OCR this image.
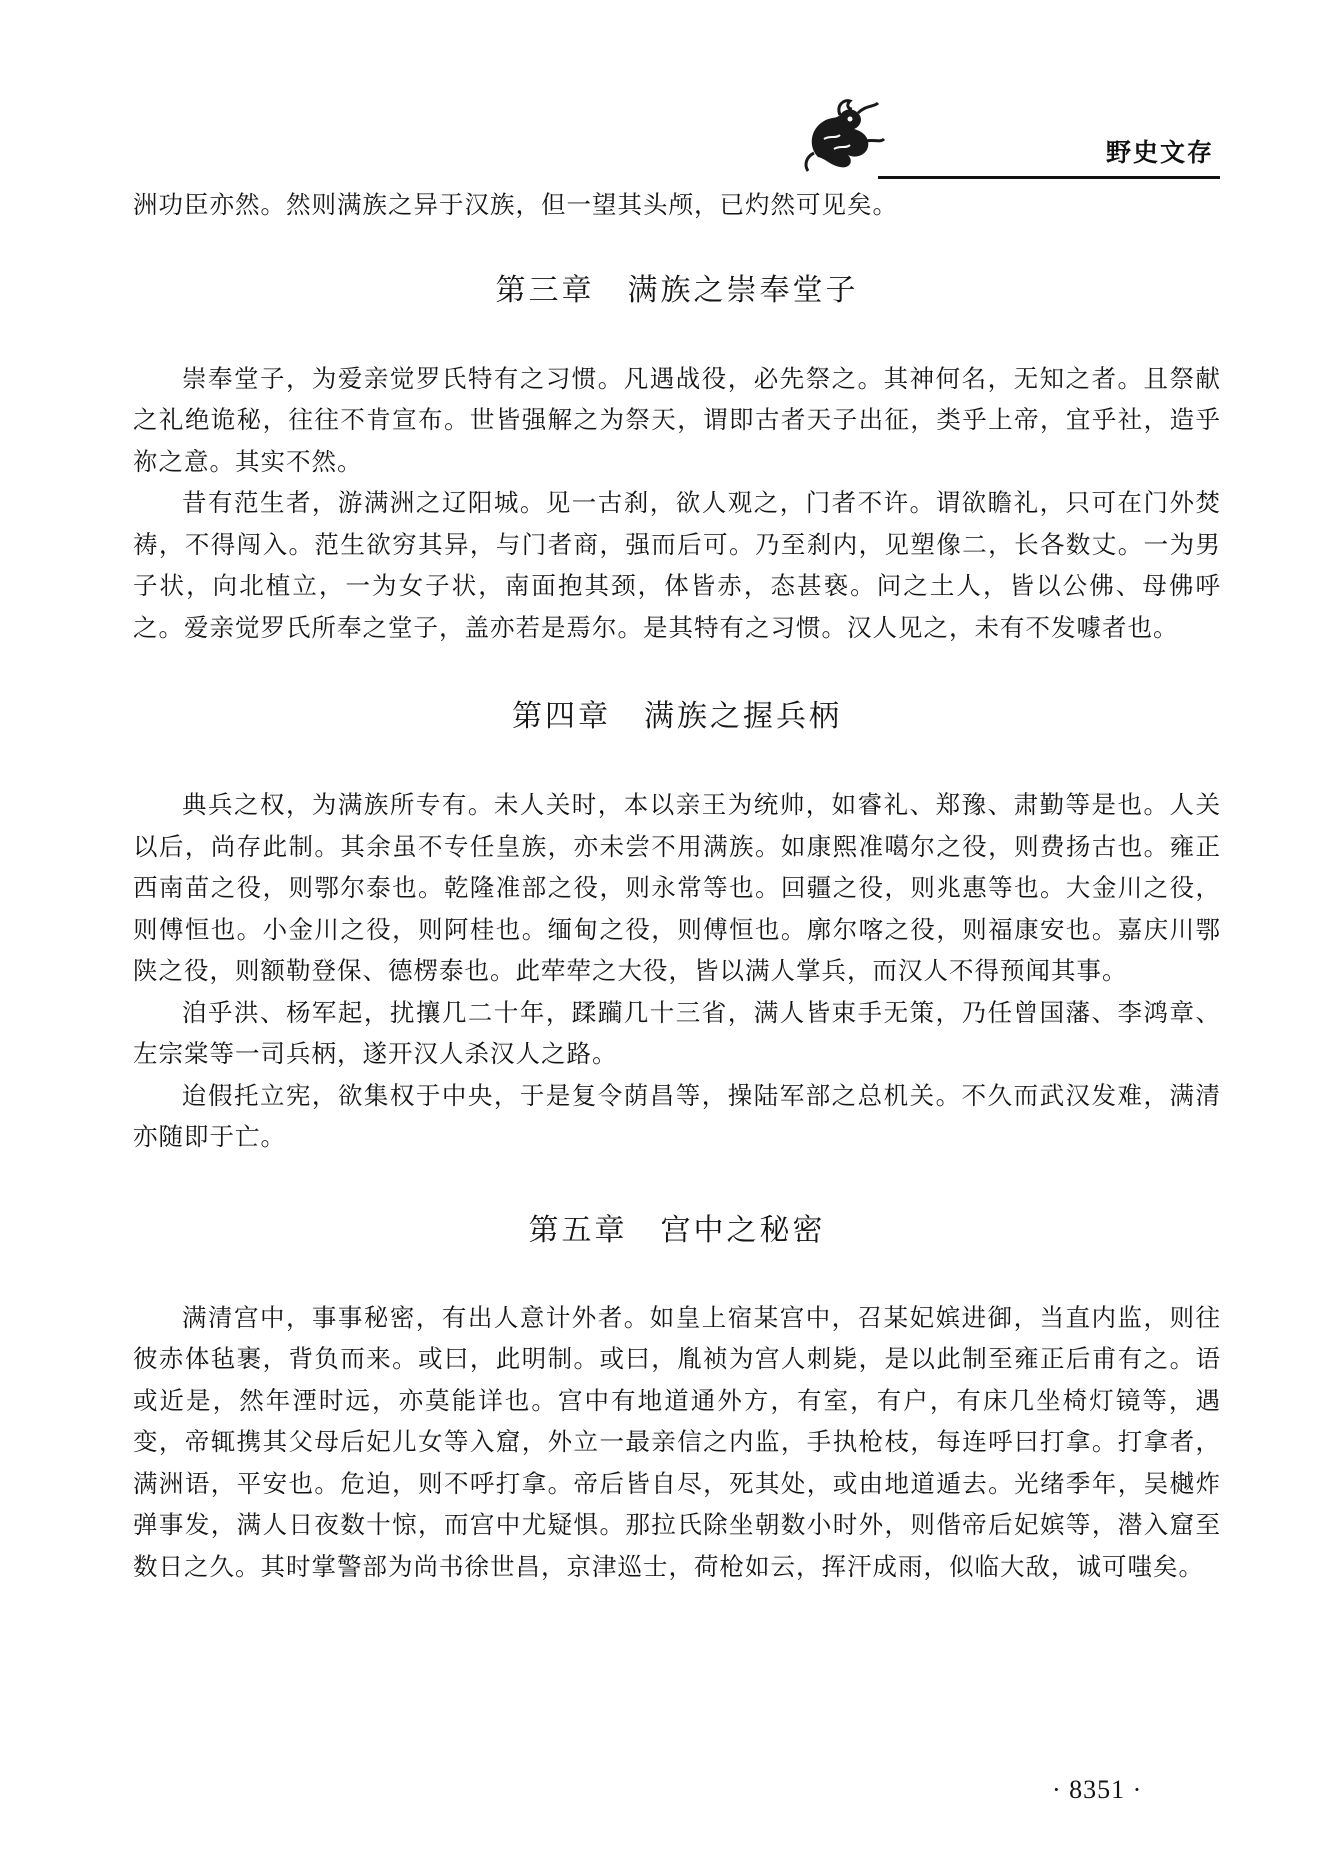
野史文存

洲功臣亦然。然则满族之异于汉族，但一望其头颅，已灼然可见矣。

第三章　满族之崇奉堂子

崇奉堂子，为爱亲觉罗氏特有之习惯。凡遇战役，必先祭之。其神何名，无知之者。且祭献之礼绝诡秘，往往不肯宣布。世皆强解之为祭天，谓即古者天子出征，类乎上帝，宜乎社，造乎祢之意。其实不然。

昔有范生者，游满洲之辽阳城。见一古刹，欲人观之，门者不许。谓欲瞻礼，只可在门外焚祷，不得闯入。范生欲穷其异，与门者商，强而后可。乃至刹内，见塑像二，长各数丈。一为男子状，向北植立，一为女子状，南面抱其颈，体皆赤，态甚亵。问之土人，皆以公佛、母佛呼之。爱亲觉罗氏所奉之堂子，盖亦若是焉尔。是其特有之习惯。汉人见之，未有不发噱者也。

第四章　满族之握兵柄

典兵之权，为满族所专有。未人关时，本以亲王为统帅，如睿礼、郑豫、肃勤等是也。人关以后，尚存此制。其余虽不专任皇族，亦未尝不用满族。如康熙准噶尔之役，则费扬古也。雍正西南苗之役，则鄂尔泰也。乾隆准部之役，则永常等也。回疆之役，则兆惠等也。大金川之役，则傅恒也。小金川之役，则阿桂也。缅甸之役，则傅恒也。廓尔喀之役，则福康安也。嘉庆川鄂陕之役，则额勒登保、德楞泰也。此荦荦之大役，皆以满人掌兵，而汉人不得预闻其事。

洎乎洪、杨军起，扰攘几二十年，蹂躏几十三省，满人皆束手无策，乃任曾国藩、李鸿章、左宗棠等一司兵柄，遂开汉人杀汉人之路。

迨假托立宪，欲集权于中央，于是复令荫昌等，操陆军部之总机关。不久而武汉发难，满清亦随即于亡。

第五章　宫中之秘密

满清宫中，事事秘密，有出人意计外者。如皇上宿某宫中，召某妃嫔进御，当直内监，则往彼赤体毡裹，背负而来。或曰，此明制。或曰，胤祯为宫人刺毙，是以此制至雍正后甫有之。语或近是，然年湮时远，亦莫能详也。宫中有地道通外方，有室，有户，有床几坐椅灯镜等，遇变，帝辄携其父母后妃儿女等入窟，外立一最亲信之内监，手执枪枝，每连呼曰打拿。打拿者，满洲语，平安也。危迫，则不呼打拿。帝后皆自尽，死其处，或由地道遁去。光绪季年，吴樾炸弹事发，满人日夜数十惊，而宫中尤疑惧。那拉氏除坐朝数小时外，则偕帝后妃嫔等，潜入窟至数日之久。其时掌警部为尚书徐世昌，京津巡士，荷枪如云，挥汗成雨，似临大敌，诚可嗤矣。

· 8351 ·
